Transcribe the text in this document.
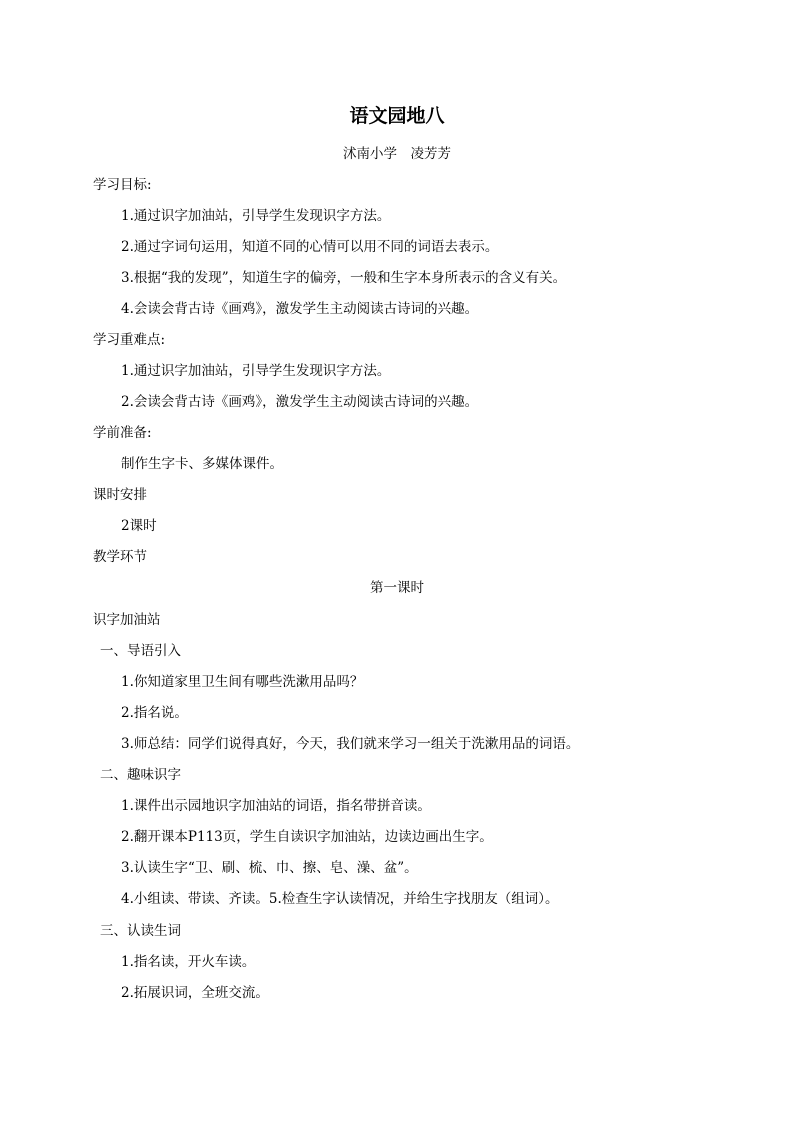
语文园地八
沭南小学　凌芳芳
学习目标:
1.通过识字加油站，引导学生发现识字方法。
2.通过字词句运用，知道不同的心情可以用不同的词语去表示。
3.根据“我的发现”，知道生字的偏旁，一般和生字本身所表示的含义有关。
4.会读会背古诗《画鸡》，激发学生主动阅读古诗词的兴趣。
学习重难点:
1.通过识字加油站，引导学生发现识字方法。
2.会读会背古诗《画鸡》，激发学生主动阅读古诗词的兴趣。
学前准备:
制作生字卡、多媒体课件。
课时安排
2课时
教学环节
第一课时
识字加油站
一、导语引入
1.你知道家里卫生间有哪些洗漱用品吗？
2.指名说。
3.师总结：同学们说得真好，今天，我们就来学习一组关于洗漱用品的词语。
二、趣味识字
1.课件出示园地识字加油站的词语，指名带拼音读。
2.翻开课本P113页，学生自读识字加油站，边读边画出生字。
3.认读生字“卫、刷、梳、巾、擦、皂、澡、盆”。
4.小组读、带读、齐读。5.检查生字认读情况，并给生字找朋友（组词）。
三、认读生词
1.指名读，开火车读。
2.拓展识词，全班交流。
